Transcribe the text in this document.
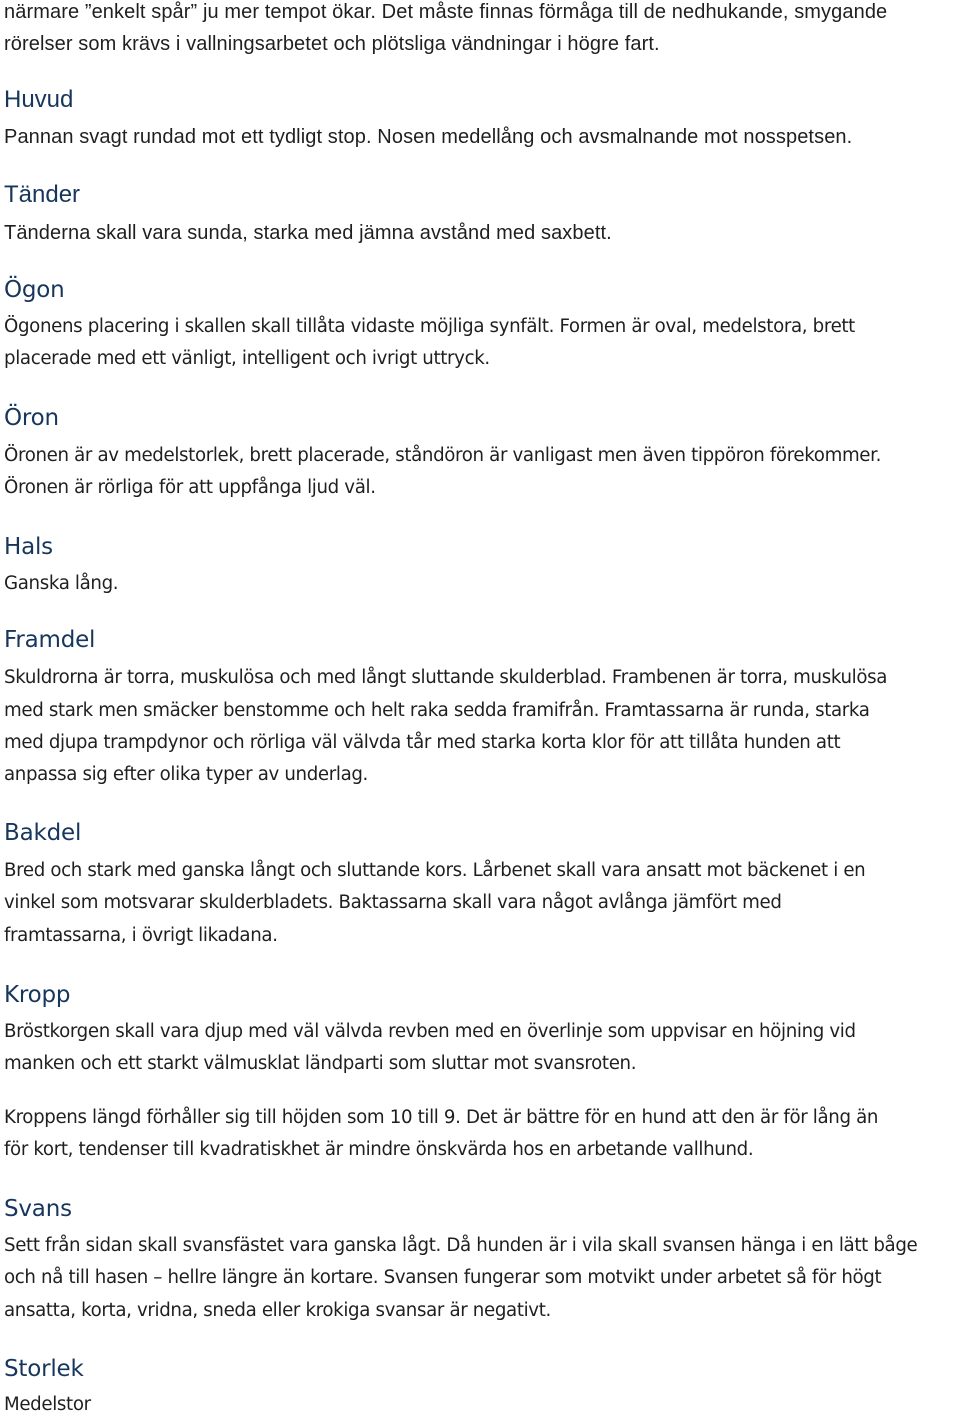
närmare ”enkelt spår” ju mer tempot ökar. Det måste finnas förmåga till de nedhukande, smygande
rörelser som krävs i vallningsarbetet och plötsliga vändningar i högre fart.
Huvud
Pannan svagt rundad mot ett tydligt stop. Nosen medellång och avsmalnande mot nosspetsen.
Tänder
Tänderna skall vara sunda, starka med jämna avstånd med saxbett.
Ögon
Ögonens placering i skallen skall tillåta vidaste möjliga synfält. Formen är oval, medelstora, brett
placerade med ett vänligt, intelligent och ivrigt uttryck.
Öron
Öronen är av medelstorlek, brett placerade, ståndöron är vanligast men även tippöron förekommer.
Öronen är rörliga för att uppfånga ljud väl.
Hals
Ganska lång.
Framdel
Skuldrorna är torra, muskulösa och med långt sluttande skulderblad. Frambenen är torra, muskulösa
med stark men smäcker benstomme och helt raka sedda framifrån. Framtassarna är runda, starka
med djupa trampdynor och rörliga väl välvda tår med starka korta klor för att tillåta hunden att
anpassa sig efter olika typer av underlag.
Bakdel
Bred och stark med ganska långt och sluttande kors. Lårbenet skall vara ansatt mot bäckenet i en
vinkel som motsvarar skulderbladets. Baktassarna skall vara något avlånga jämfört med
framtassarna, i övrigt likadana.
Kropp
Bröstkorgen skall vara djup med väl välvda revben med en överlinje som uppvisar en höjning vid
manken och ett starkt välmusklat ländparti som sluttar mot svansroten.
Kroppens längd förhåller sig till höjden som 10 till 9. Det är bättre för en hund att den är för lång än
för kort, tendenser till kvadratiskhet är mindre önskvärda hos en arbetande vallhund.
Svans
Sett från sidan skall svansfästet vara ganska lågt. Då hunden är i vila skall svansen hänga i en lätt båge
och nå till hasen – hellre längre än kortare. Svansen fungerar som motvikt under arbetet så för högt
ansatta, korta, vridna, sneda eller krokiga svansar är negativt.
Storlek
Medelstor
